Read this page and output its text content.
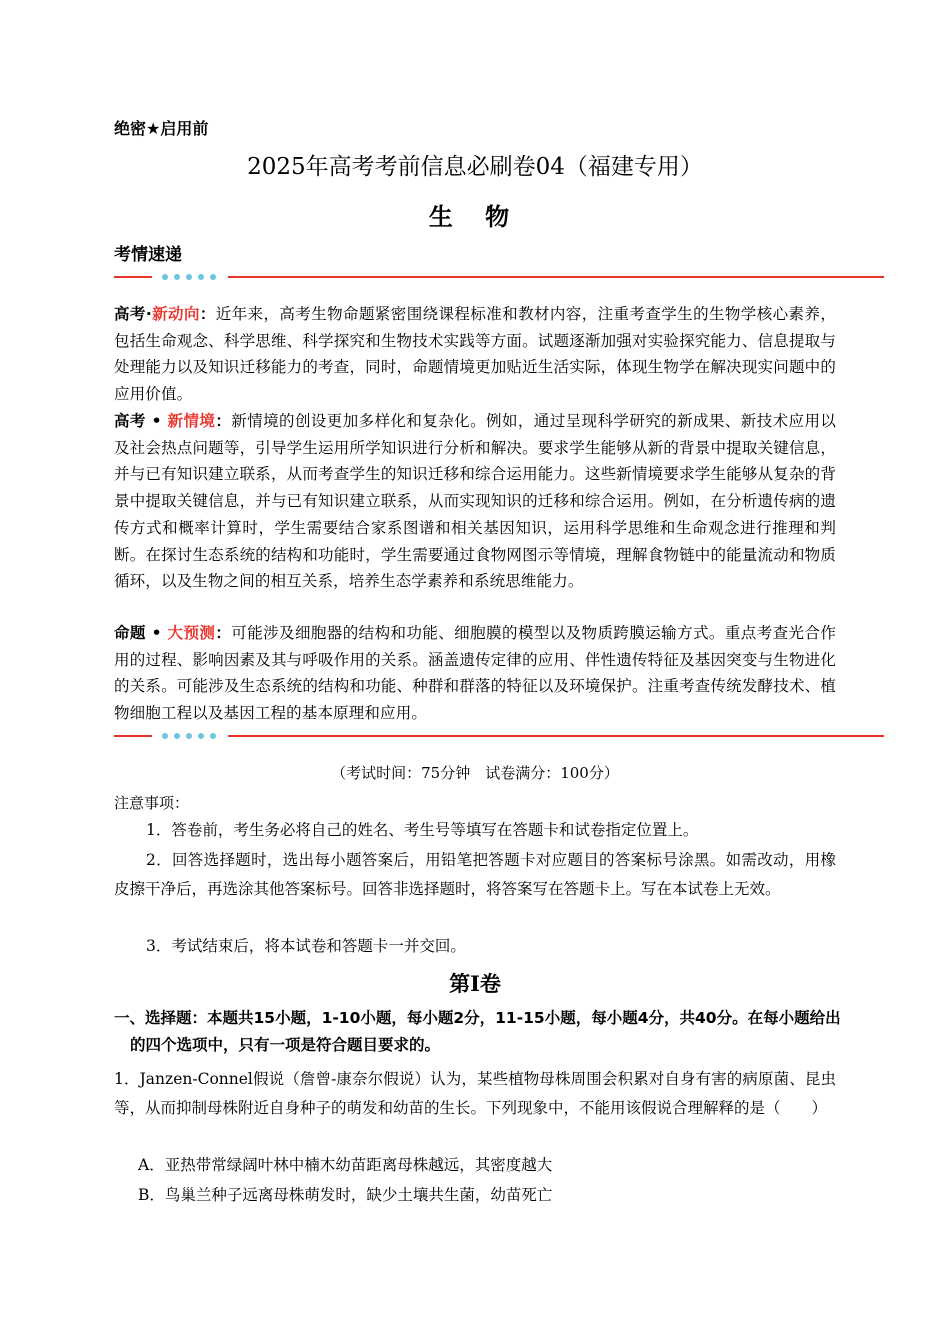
绝密★启用前
2025年高考考前信息必刷卷04（福建专用）
生 物
考情速递
高考·新动向：近年来，高考生物命题紧密围绕课程标准和教材内容，注重考查学生的生物学核心素养，包括生命观念、科学思维、科学探究和生物技术实践等方面。试题逐渐加强对实验探究能力、信息提取与处理能力以及知识迁移能力的考查，同时，命题情境更加贴近生活实际，体现生物学在解决现实问题中的应用价值。
高考 • 新情境：新情境的创设更加多样化和复杂化。例如，通过呈现科学研究的新成果、新技术应用以及社会热点问题等，引导学生运用所学知识进行分析和解决。要求学生能够从新的背景中提取关键信息，并与已有知识建立联系，从而考查学生的知识迁移和综合运用能力。这些新情境要求学生能够从复杂的背景中提取关键信息，并与已有知识建立联系，从而实现知识的迁移和综合运用。例如，在分析遗传病的遗传方式和概率计算时，学生需要结合家系图谱和相关基因知识，运用科学思维和生命观念进行推理和判断。在探讨生态系统的结构和功能时，学生需要通过食物网图示等情境，理解食物链中的能量流动和物质循环，以及生物之间的相互关系，培养生态学素养和系统思维能力。
命题 • 大预测：可能涉及细胞器的结构和功能、细胞膜的模型以及物质跨膜运输方式。重点考查光合作用的过程、影响因素及其与呼吸作用的关系。涵盖遗传定律的应用、伴性遗传特征及基因突变与生物进化的关系。可能涉及生态系统的结构和功能、种群和群落的特征以及环境保护。注重考查传统发酵技术、植物细胞工程以及基因工程的基本原理和应用。
（考试时间：75分钟　试卷满分：100分）
注意事项：
1．答卷前，考生务必将自己的姓名、考生号等填写在答题卡和试卷指定位置上。
2．回答选择题时，选出每小题答案后，用铅笔把答题卡对应题目的答案标号涂黑。如需改动，用橡皮擦干净后，再选涂其他答案标号。回答非选择题时，将答案写在答题卡上。写在本试卷上无效。
3．考试结束后，将本试卷和答题卡一并交回。
第Ⅰ卷
一、选择题：本题共15小题，1-10小题，每小题2分，11-15小题，每小题4分，共40分。在每小题给出的四个选项中，只有一项是符合题目要求的。
1．Janzen-Connel假说（詹曾-康奈尔假说）认为，某些植物母株周围会积累对自身有害的病原菌、昆虫等，从而抑制母株附近自身种子的萌发和幼苗的生长。下列现象中，不能用该假说合理解释的是（　　）
A．亚热带常绿阔叶林中楠木幼苗距离母株越远，其密度越大
B．鸟巢兰种子远离母株萌发时，缺少土壤共生菌，幼苗死亡
